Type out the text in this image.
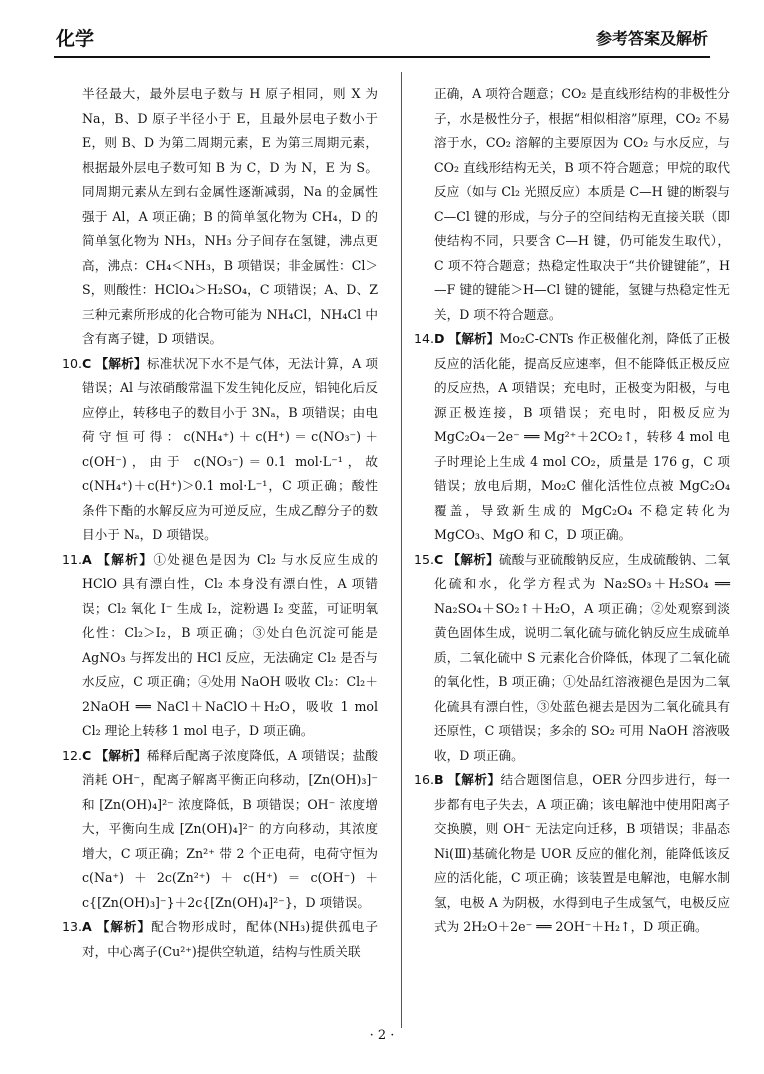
化学	参考答案及解析

半径最大，最外层电子数与 H 原子相同，则 X 为 Na，B、D 原子半径小于 E，且最外层电子数小于 E，则 B、D 为第二周期元素，E 为第三周期元素，根据最外层电子数可知 B 为 C，D 为 N，E 为 S。同周期元素从左到右金属性逐渐减弱，Na 的金属性强于 Al，A 项正确；B 的简单氢化物为 CH₄，D 的简单氢化物为 NH₃，NH₃ 分子间存在氢键，沸点更高，沸点：CH₄＜NH₃，B 项错误；非金属性：Cl＞S，则酸性：HClO₄＞H₂SO₄，C 项错误；A、D、Z 三种元素所形成的化合物可能为 NH₄Cl，NH₄Cl 中含有离子键，D 项错误。

10.C 【解析】标准状况下水不是气体，无法计算，A 项错误；Al 与浓硝酸常温下发生钝化反应，铝钝化后反应停止，转移电子的数目小于 3Nₐ，B 项错误；由电荷守恒可得：c(NH₄⁺)＋c(H⁺)＝c(NO₃⁻)＋c(OH⁻)，由于 c(NO₃⁻)＝0.1 mol·L⁻¹，故 c(NH₄⁺)＋c(H⁺)＞0.1 mol·L⁻¹，C 项正确；酸性条件下酯的水解反应为可逆反应，生成乙醇分子的数目小于 Nₐ，D 项错误。

11.A 【解析】①处褪色是因为 Cl₂ 与水反应生成的 HClO 具有漂白性，Cl₂ 本身没有漂白性，A 项错误；Cl₂ 氧化 I⁻ 生成 I₂，淀粉遇 I₂ 变蓝，可证明氧化性：Cl₂＞I₂，B 项正确；③处白色沉淀可能是 AgNO₃ 与挥发出的 HCl 反应，无法确定 Cl₂ 是否与水反应，C 项正确；④处用 NaOH 吸收 Cl₂：Cl₂＋2NaOH ══ NaCl＋NaClO＋H₂O，吸收 1 mol Cl₂ 理论上转移 1 mol 电子，D 项正确。

12.C 【解析】稀释后配离子浓度降低，A 项错误；盐酸消耗 OH⁻，配离子解离平衡正向移动，[Zn(OH)₃]⁻ 和 [Zn(OH)₄]²⁻ 浓度降低，B 项错误；OH⁻ 浓度增大，平衡向生成 [Zn(OH)₄]²⁻ 的方向移动，其浓度增大，C 项正确；Zn²⁺ 带 2 个正电荷，电荷守恒为 c(Na⁺)＋2c(Zn²⁺)＋c(H⁺)＝c(OH⁻)＋c{[Zn(OH)₃]⁻}＋2c{[Zn(OH)₄]²⁻}，D 项错误。

13.A 【解析】配合物形成时，配体(NH₃)提供孤电子对，中心离子(Cu²⁺)提供空轨道，结构与性质关联

正确，A 项符合题意；CO₂ 是直线形结构的非极性分子，水是极性分子，根据“相似相溶”原理，CO₂ 不易溶于水，CO₂ 溶解的主要原因为 CO₂ 与水反应，与 CO₂ 直线形结构无关，B 项不符合题意；甲烷的取代反应（如与 Cl₂ 光照反应）本质是 C—H 键的断裂与 C—Cl 键的形成，与分子的空间结构无直接关联（即使结构不同，只要含 C—H 键，仍可能发生取代），C 项不符合题意；热稳定性取决于“共价键键能”，H—F 键的键能＞H—Cl 键的键能，氢键与热稳定性无关，D 项不符合题意。

14.D 【解析】Mo₂C-CNTs 作正极催化剂，降低了正极反应的活化能，提高反应速率，但不能降低正极反应的反应热，A 项错误；充电时，正极变为阳极，与电源正极连接，B 项错误；充电时，阳极反应为 MgC₂O₄－2e⁻ ══ Mg²⁺＋2CO₂↑，转移 4 mol 电子时理论上生成 4 mol CO₂，质量是 176 g，C 项错误；放电后期，Mo₂C 催化活性位点被 MgC₂O₄ 覆盖，导致新生成的 MgC₂O₄ 不稳定转化为 MgCO₃、MgO 和 C，D 项正确。

15.C 【解析】硫酸与亚硫酸钠反应，生成硫酸钠、二氧化硫和水，化学方程式为 Na₂SO₃＋H₂SO₄ ══ Na₂SO₄＋SO₂↑＋H₂O，A 项正确；②处观察到淡黄色固体生成，说明二氧化硫与硫化钠反应生成硫单质，二氧化硫中 S 元素化合价降低，体现了二氧化硫的氧化性，B 项正确；①处品红溶液褪色是因为二氧化硫具有漂白性，③处蓝色褪去是因为二氧化硫具有还原性，C 项错误；多余的 SO₂ 可用 NaOH 溶液吸收，D 项正确。

16.B 【解析】结合题图信息，OER 分四步进行，每一步都有电子失去，A 项正确；该电解池中使用阳离子交换膜，则 OH⁻ 无法定向迁移，B 项错误；非晶态 Ni(Ⅲ)基硫化物是 UOR 反应的催化剂，能降低该反应的活化能，C 项正确；该装置是电解池，电解水制氢，电极 A 为阴极，水得到电子生成氢气，电极反应式为 2H₂O＋2e⁻ ══ 2OH⁻＋H₂↑，D 项正确。

· 2 ·
